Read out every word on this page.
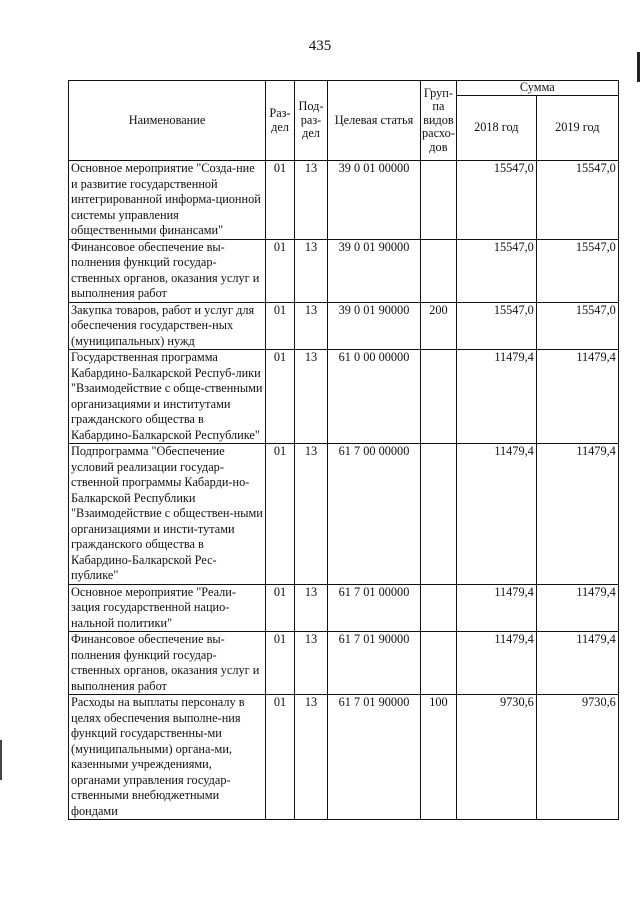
435
Наименование	Раз-дел	Под-раз-дел	Целевая статья	Груп-па видов расхо-дов	Сумма	
					2018 год	2019 год
Основное мероприятие "Созда-ние и развитие государственной интегрированной информа-ционной системы управления общественными финансами"	01	13	39 0 01 00000		15547,0	15547,0
Финансовое обеспечение вы-полнения функций государ-ственных органов, оказания услуг и выполнения работ	01	13	39 0 01 90000		15547,0	15547,0
Закупка товаров, работ и услуг для обеспечения государствен-ных (муниципальных) нужд	01	13	39 0 01 90000	200	15547,0	15547,0
Государственная программа Кабардино-Балкарской Респуб-лики "Взаимодействие с обще-ственными организациями и институтами гражданского общества в Кабардино-Балкарской Республике"	01	13	61 0 00 00000		11479,4	11479,4
Подпрограмма "Обеспечение условий реализации государ-ственной программы Кабарди-но-Балкарской Республики "Взаимодействие с обществен-ными организациями и инсти-тутами гражданского общества в Кабардино-Балкарской Рес-публике"	01	13	61 7 00 00000		11479,4	11479,4
Основное мероприятие "Реали-зация государственной нацио-нальной политики"	01	13	61 7 01 00000		11479,4	11479,4
Финансовое обеспечение вы-полнения функций государ-ственных органов, оказания услуг и выполнения работ	01	13	61 7 01 90000		11479,4	11479,4
Расходы на выплаты персоналу в целях обеспечения выполне-ния функций государственны-ми (муниципальными) органа-ми, казенными учреждениями, органами управления государ-ственными внебюджетными фондами	01	13	61 7 01 90000	100	9730,6	9730,6
